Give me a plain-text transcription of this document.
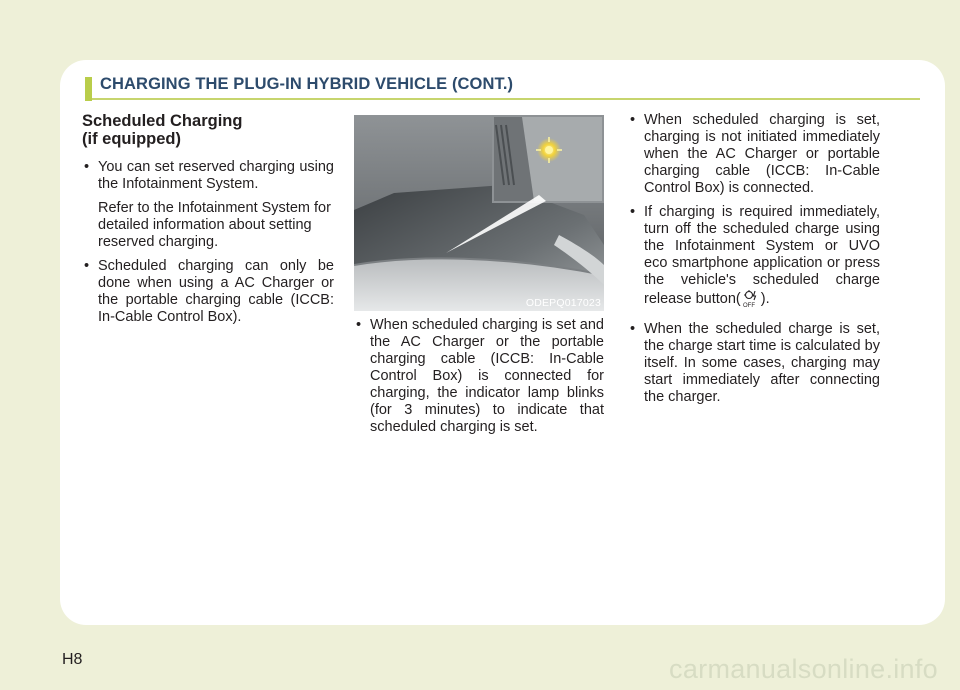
CHARGING THE PLUG-IN HYBRID VEHICLE (CONT.)
Scheduled Charging
(if equipped)
• You can set reserved charging using the Infotainment System.
Refer to the Infotainment System for detailed information about setting reserved charging.
• Scheduled charging can only be done when using a AC Charger or the portable charging cable (ICCB: In-Cable Control Box).
ODEPQ017023
• When scheduled charging is set and the AC Charger or the portable charging cable (ICCB: In-Cable Control Box) is connected for charging, the indicator lamp blinks (for 3 minutes) to indicate that scheduled charging is set.
• When scheduled charging is set, charging is not initiated immediately when the AC Charger or portable charging cable (ICCB: In-Cable Control Box) is connected.
• If charging is required immediately, turn off the scheduled charge using the Infotainment System or UVO eco smartphone application or press the vehicle's scheduled charge release button( OFF ).
• When the scheduled charge is set, the charge start time is calculated by itself. In some cases, charging may start immediately after connecting the charger.
H8	carmanualsonline.info
